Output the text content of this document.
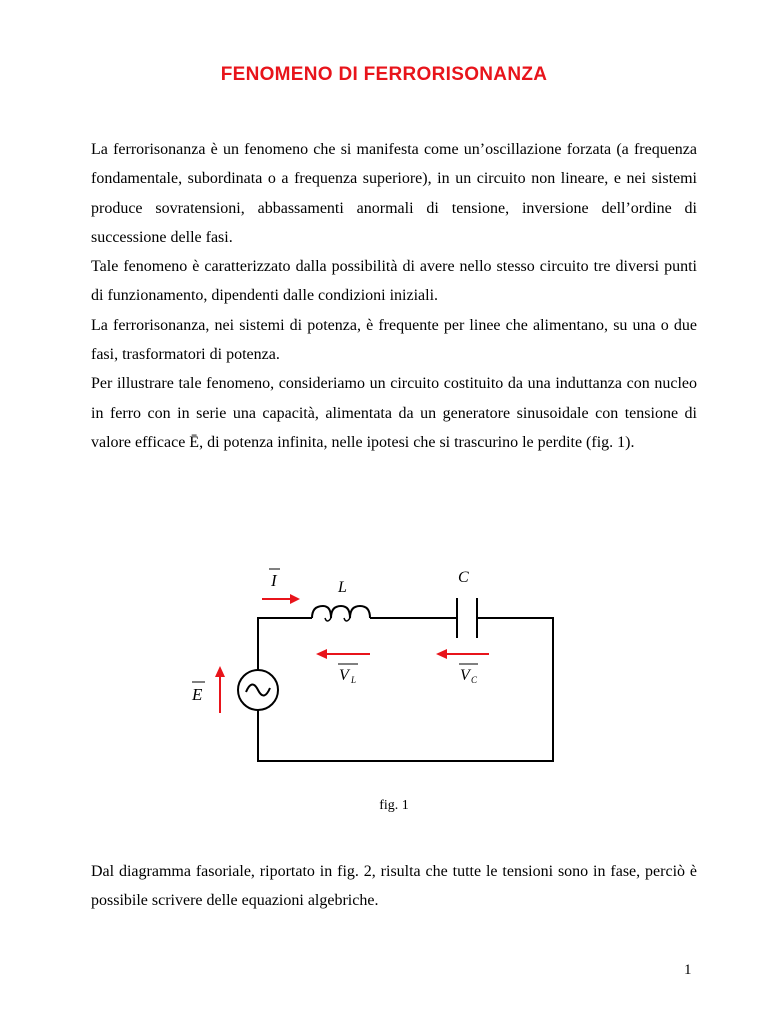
FENOMENO DI FERRORISONANZA

La ferrorisonanza è un fenomeno che si manifesta come un’oscillazione forzata (a frequenza fondamentale, subordinata o a frequenza superiore), in un circuito non lineare, e nei sistemi produce sovratensioni, abbassamenti anormali di tensione, inversione dell’ordine di successione delle fasi.

Tale fenomeno è caratterizzato dalla possibilità di avere nello stesso circuito tre diversi punti di funzionamento, dipendenti dalle condizioni iniziali.

La ferrorisonanza, nei sistemi di potenza, è frequente per linee che alimentano, su una o due fasi, trasformatori di potenza.

Per illustrare tale fenomeno, consideriamo un circuito costituito da una induttanza con nucleo in ferro con in serie una capacità, alimentata da un generatore sinusoidale con tensione di valore efficace Ē, di potenza infinita, nelle ipotesi che si trascurino le perdite (fig. 1).

I	L
C
E
V L	V C
fig. 1

Dal diagramma fasoriale, riportato in fig. 2, risulta che tutte le tensioni sono in fase, perciò è possibile scrivere delle equazioni algebriche.

1
